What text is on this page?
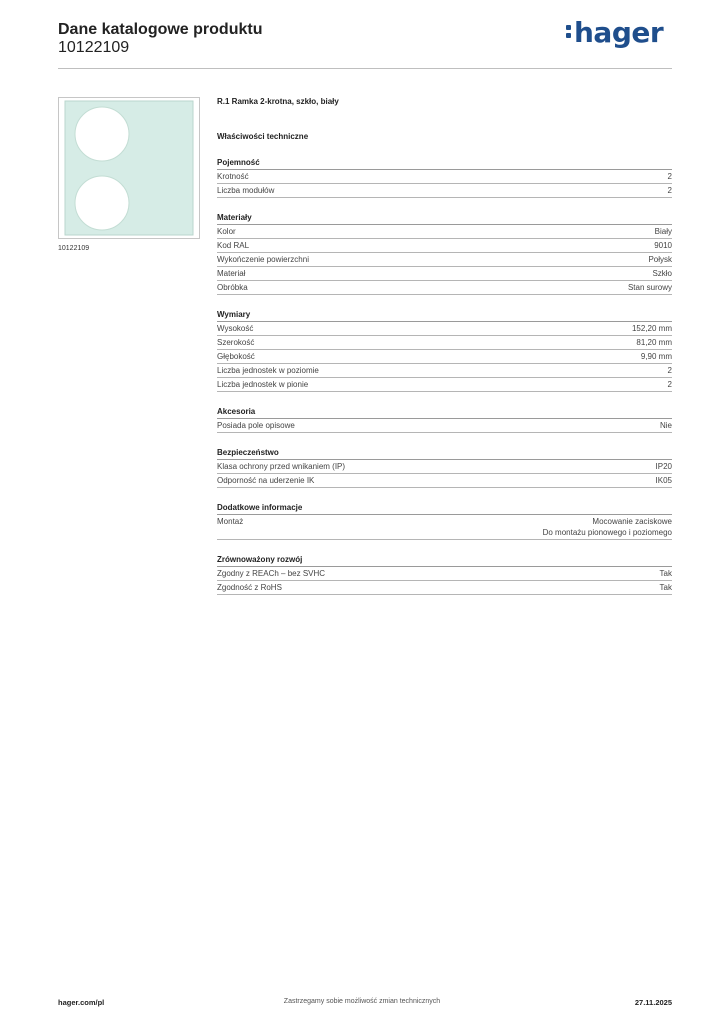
Dane katalogowe produktu
10122109	hager
10122109
R.1 Ramka 2-krotna, szkło, biały
Właściwości techniczne
Pojemność
Krotność	2
Liczba modułów	2
Materiały
Kolor	Biały
Kod RAL	9010
Wykończenie powierzchni	Połysk
Materiał	Szkło
Obróbka	Stan surowy
Wymiary
Wysokość	152,20 mm
Szerokość	81,20 mm
Głębokość	9,90 mm
Liczba jednostek w poziomie	2
Liczba jednostek w pionie	2
Akcesoria
Posiada pole opisowe	Nie
Bezpieczeństwo
Klasa ochrony przed wnikaniem (IP)	IP20
Odporność na uderzenie IK	IK05
Dodatkowe informacje
Montaż	Mocowanie zaciskowe
Do montażu pionowego i poziomego
Zrównoważony rozwój
Zgodny z REACh – bez SVHC	Tak
Zgodność z RoHS	Tak
hager.com/pl	Zastrzegamy sobie możliwość zmian technicznych	27.11.2025
